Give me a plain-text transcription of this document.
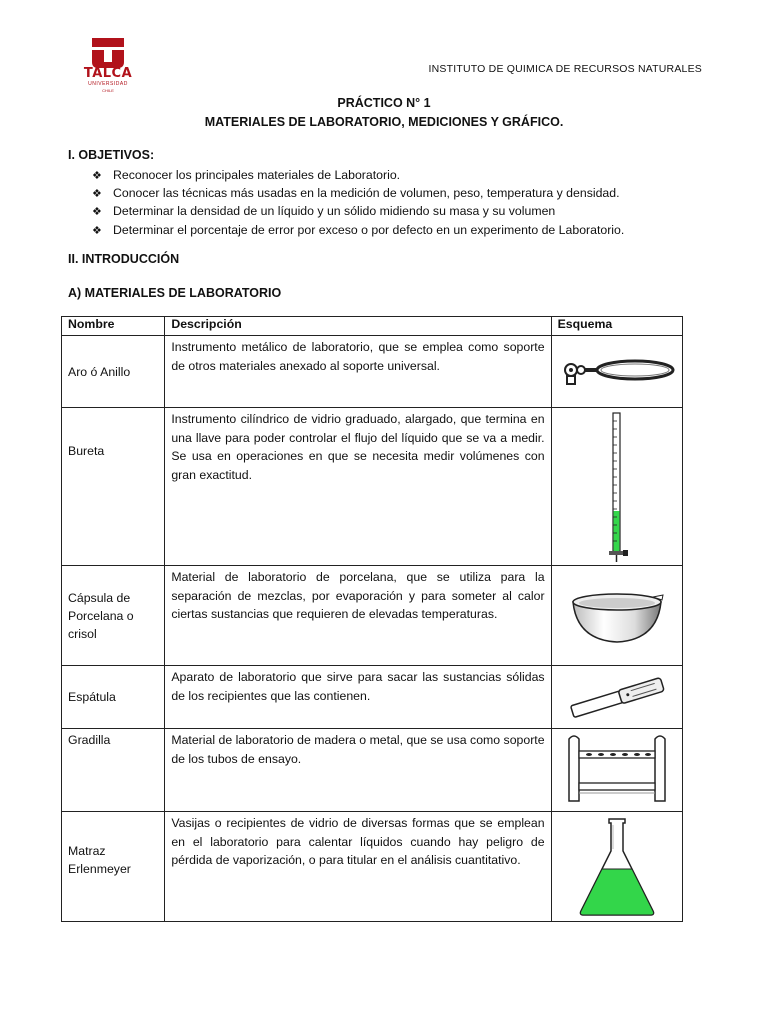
TALCA
UNIVERSIDAD
CHILE
INSTITUTO DE QUIMICA DE RECURSOS NATURALES
PRÁCTICO N° 1
MATERIALES DE LABORATORIO, MEDICIONES Y GRÁFICO.
I. OBJETIVOS:
❖ Reconocer los principales materiales de Laboratorio.
❖ Conocer las técnicas más usadas en la medición de volumen, peso, temperatura y densidad.
❖ Determinar la densidad de un líquido y un sólido midiendo su masa y su volumen
❖ Determinar el porcentaje de error por exceso o por defecto en un experimento de Laboratorio.
II. INTRODUCCIÓN
A) MATERIALES DE LABORATORIO
Nombre	Descripción	Esquema
Aro ó Anillo	Instrumento metálico de laboratorio, que se emplea como soporte de otros materiales anexado al soporte universal.	

Bureta	Instrumento cilíndrico de vidrio graduado, alargado, que termina en una llave para poder controlar el flujo del líquido que se va a medir. Se usa en operaciones en que se necesita medir volúmenes con gran exactitud.	

Cápsula de Porcelana o crisol	Material de laboratorio de porcelana, que se utiliza para la separación de mezclas, por evaporación y para someter al calor ciertas sustancias que requieren de elevadas temperaturas.	

Espátula	Aparato de laboratorio que sirve para sacar las sustancias sólidas de los recipientes que las contienen.	

Gradilla	Material de laboratorio de madera o metal, que se usa como soporte de los tubos de ensayo.	

Matraz Erlenmeyer	Vasijas o recipientes de vidrio de diversas formas que se emplean en el laboratorio para calentar líquidos cuando hay peligro de pérdida de vaporización, o para titular en el análisis cuantitativo.	
